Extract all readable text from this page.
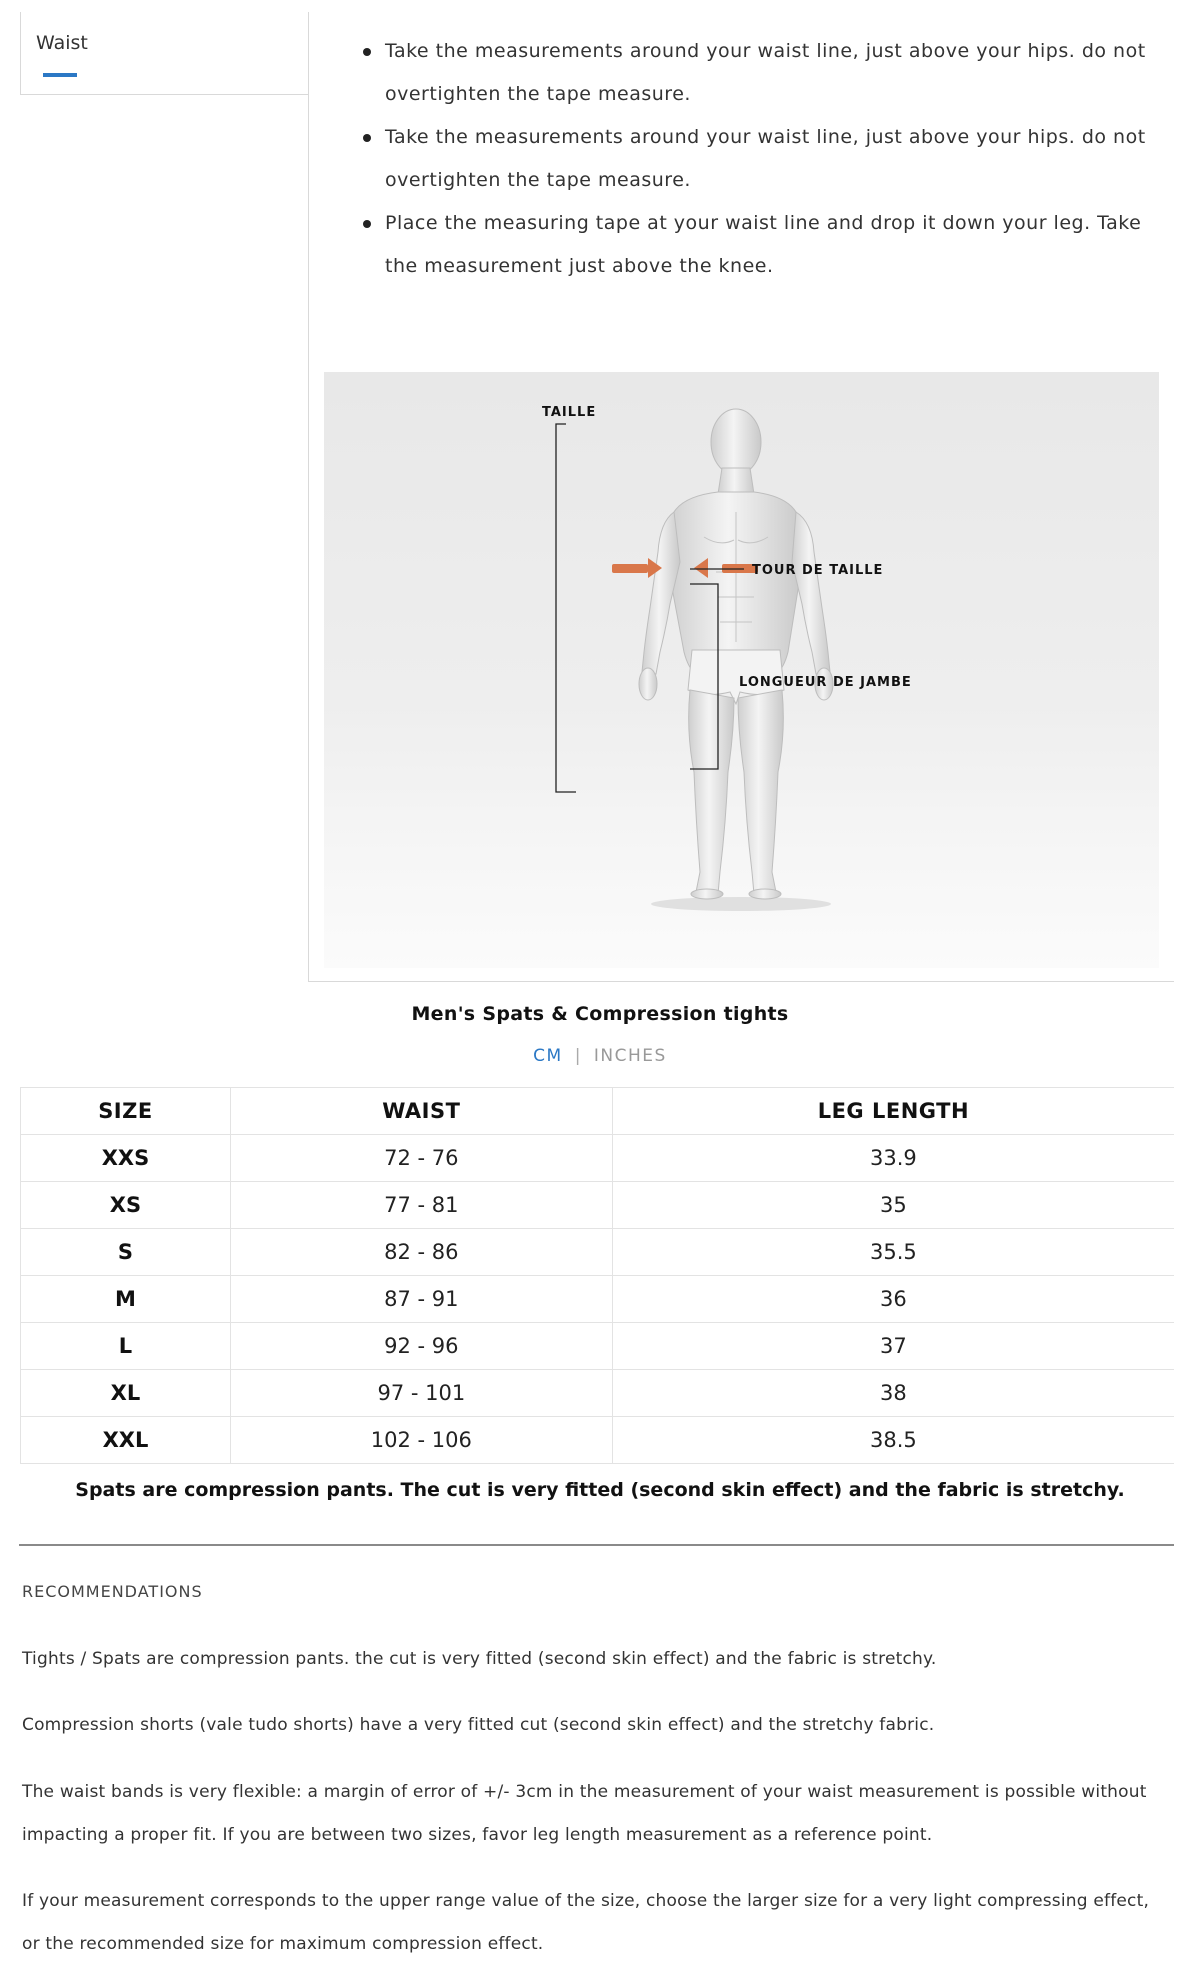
Waist	Take the measurements around your waist line, just above your hips. do not overtighten the tape measure.
Take the measurements around your waist line, just above your hips. do not overtighten the tape measure.
Place the measuring tape at your waist line and drop it down your leg. Take the measurement just above the knee.
TAILLE
TOUR DE TAILLE
LONGUEUR DE JAMBE
Men's Spats & Compression tights
CM | INCHES
SIZE	WAIST	LEG LENGTH
XXS	72 - 76	33.9
XS	77 - 81	35
S	82 - 86	35.5
M	87 - 91	36
L	92 - 96	37
XL	97 - 101	38
XXL	102 - 106	38.5
Spats are compression pants. The cut is very fitted (second skin effect) and the fabric is stretchy.
RECOMMENDATIONS

Tights / Spats are compression pants. the cut is very fitted (second skin effect) and the fabric is stretchy.

Compression shorts (vale tudo shorts) have a very fitted cut (second skin effect) and the stretchy fabric.

The waist bands is very flexible: a margin of error of +/- 3cm in the measurement of your waist measurement is possible without impacting a proper fit. If you are between two sizes, favor leg length measurement as a reference point.

If your measurement corresponds to the upper range value of the size, choose the larger size for a very light compressing effect, or the recommended size for maximum compression effect.
